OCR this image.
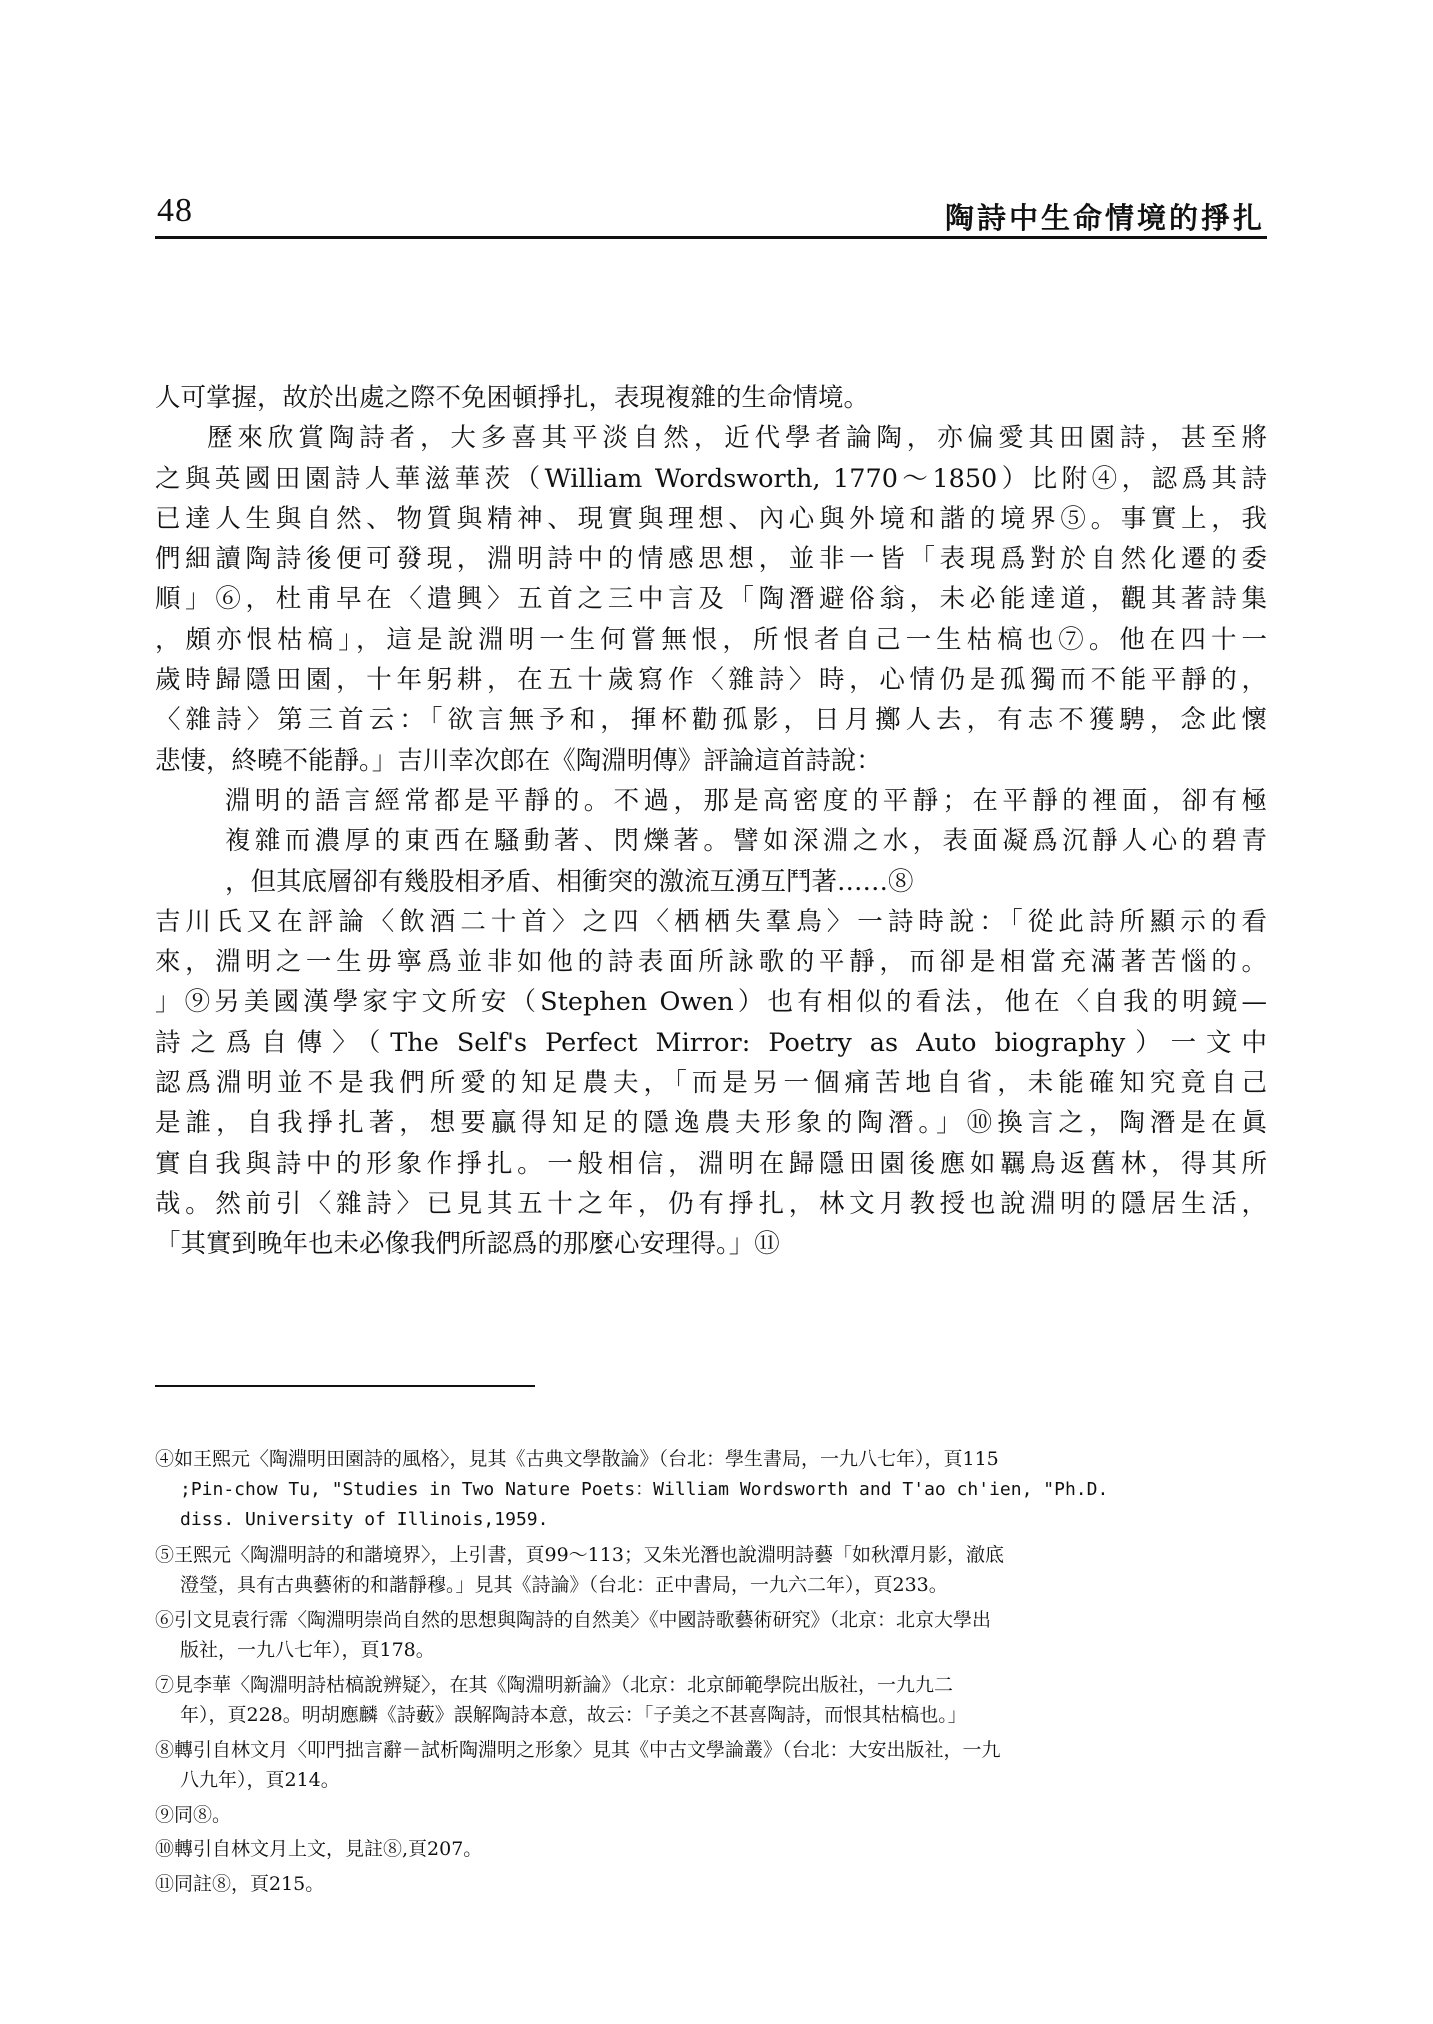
48	陶詩中生命情境的掙扎
人可掌握，故於出處之際不免困頓掙扎，表現複雜的生命情境。
歷來欣賞陶詩者，大多喜其平淡自然，近代學者論陶，亦偏愛其田園詩，甚至將
之與英國田園詩人華滋華茨（William Wordsworth, 1770～1850）比附④，認爲其詩
已達人生與自然、物質與精神、現實與理想、內心與外境和諧的境界⑤。事實上，我
們細讀陶詩後便可發現，淵明詩中的情感思想，並非一皆「表現爲對於自然化遷的委
順」⑥，杜甫早在〈遣興〉五首之三中言及「陶潛避俗翁，未必能達道，觀其著詩集
，頗亦恨枯槁」，這是說淵明一生何嘗無恨，所恨者自己一生枯槁也⑦。他在四十一
歲時歸隱田園，十年躬耕，在五十歲寫作〈雜詩〉時，心情仍是孤獨而不能平靜的，
〈雜詩〉第三首云：「欲言無予和，揮杯勸孤影，日月擲人去，有志不獲騁，念此懷
悲悽，終曉不能靜。」吉川幸次郎在《陶淵明傳》評論這首詩說：
淵明的語言經常都是平靜的。不過，那是高密度的平靜；在平靜的裡面，卻有極
複雜而濃厚的東西在騷動著、閃爍著。譬如深淵之水，表面凝爲沉靜人心的碧青
，但其底層卻有幾股相矛盾、相衝突的激流互湧互鬥著……⑧
吉川氏又在評論〈飲酒二十首〉之四〈栖栖失羣鳥〉一詩時說：「從此詩所顯示的看
來，淵明之一生毋寧爲並非如他的詩表面所詠歌的平靜，而卻是相當充滿著苦惱的。
」⑨另美國漢學家宇文所安（Stephen Owen）也有相似的看法，他在〈自我的明鏡—
詩之爲自傳〉（The Self's Perfect Mirror: Poetry as Auto biography）一文中
認爲淵明並不是我們所愛的知足農夫，「而是另一個痛苦地自省，未能確知究竟自己
是誰，自我掙扎著，想要贏得知足的隱逸農夫形象的陶潛。」⑩換言之，陶潛是在眞
實自我與詩中的形象作掙扎。一般相信，淵明在歸隱田園後應如羈鳥返舊林，得其所
哉。然前引〈雜詩〉已見其五十之年，仍有掙扎，林文月教授也說淵明的隱居生活，
「其實到晚年也未必像我們所認爲的那麼心安理得。」⑪
④如王熙元〈陶淵明田園詩的風格〉，見其《古典文學散論》（台北：學生書局，一九八七年），頁115
;Pin-chow Tu, "Studies in Two Nature Poets：William Wordsworth and T'ao ch'ien, "Ph.D.
diss. University of Illinois,1959.
⑤王熙元〈陶淵明詩的和諧境界〉，上引書，頁99～113；又朱光潛也說淵明詩藝「如秋潭月影，澈底
澄瑩，具有古典藝術的和諧靜穆。」見其《詩論》（台北：正中書局，一九六二年），頁233。
⑥引文見袁行霈〈陶淵明崇尚自然的思想與陶詩的自然美〉《中國詩歌藝術研究》（北京：北京大學出
版社，一九八七年），頁178。
⑦見李華〈陶淵明詩枯槁說辨疑〉，在其《陶淵明新論》（北京：北京師範學院出版社，一九九二
年），頁228。明胡應麟《詩藪》誤解陶詩本意，故云：「子美之不甚喜陶詩，而恨其枯槁也。」
⑧轉引自林文月〈叩門拙言辭－試析陶淵明之形象〉見其《中古文學論叢》（台北：大安出版社，一九
八九年），頁214。
⑨同⑧。
⑩轉引自林文月上文，見註⑧,頁207。
⑪同註⑧，頁215。
